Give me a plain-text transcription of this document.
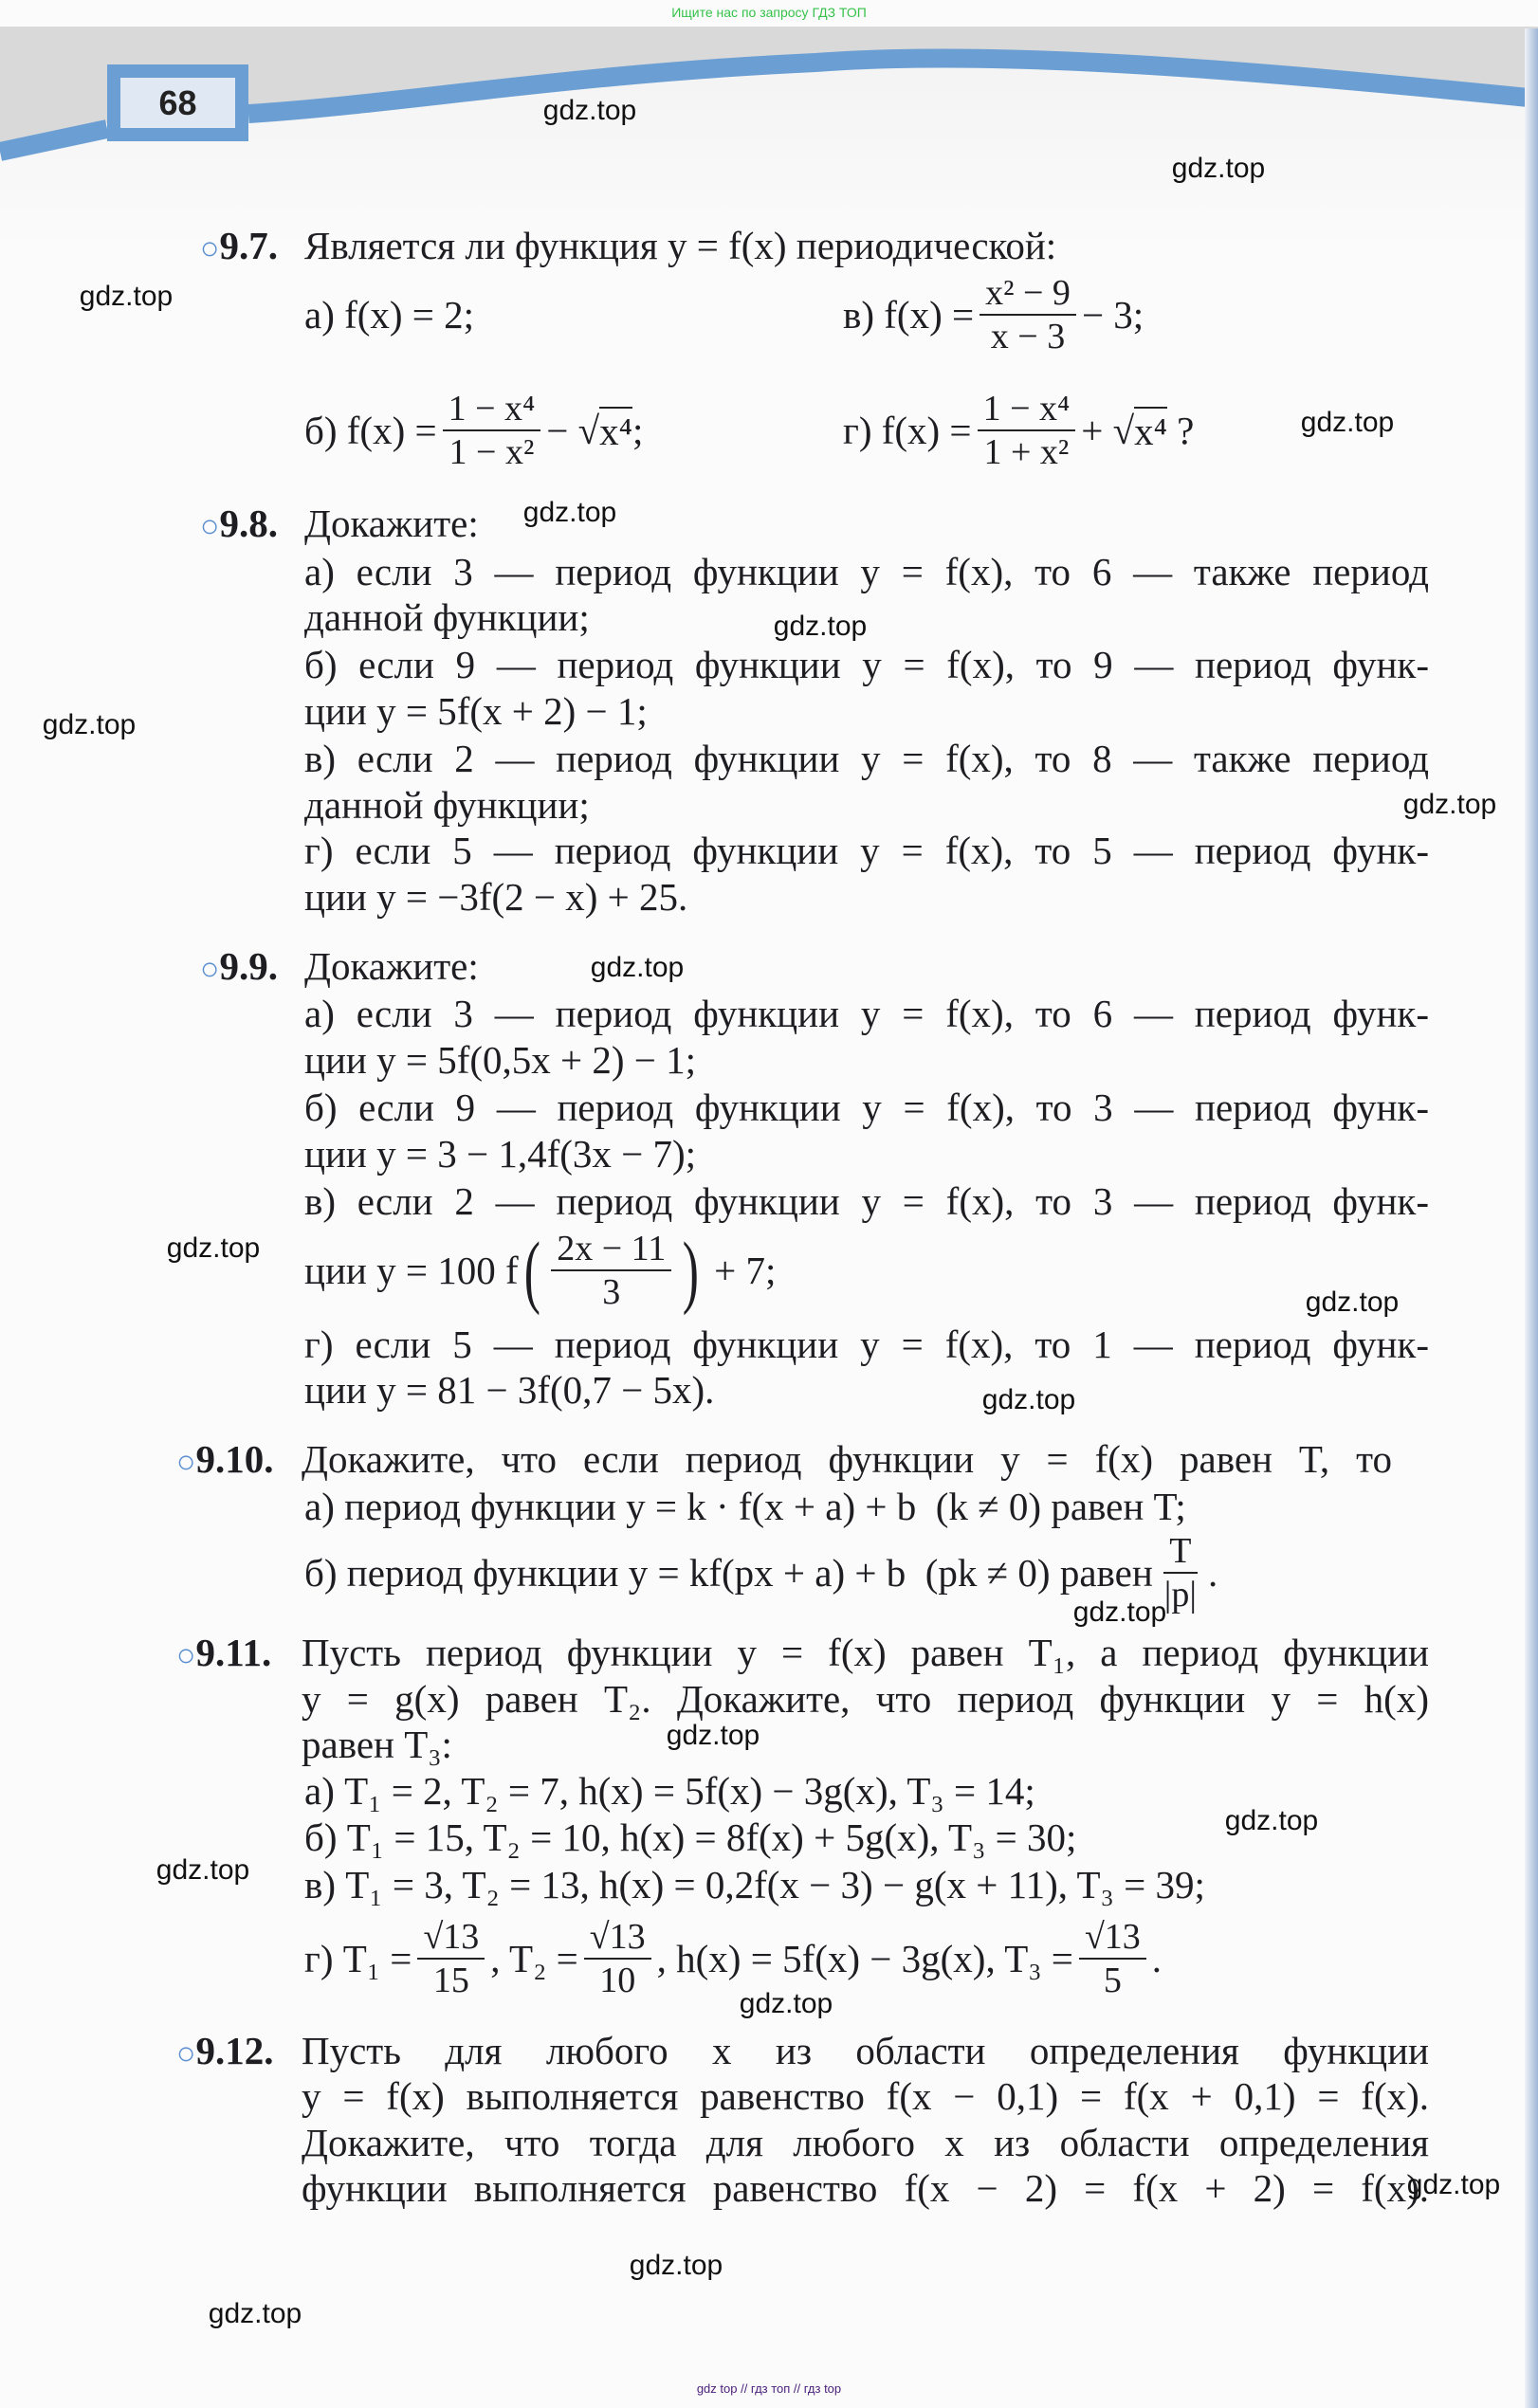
Ищите нас по запросу ГДЗ ТОП
68
○9.7. Является ли функция y = f(x) периодической:
а) f(x) = 2;	в) $f(x) = \frac{\text{x² − 9}}{x - 3} - 3$;
б) $f(x) = \frac{\text{1 − x⁴}}{\text{1 − x²}}$ − √ x⁴ ;	г) $f(x) = \frac{\text{1 − x⁴}}{\text{1 + x²}}$ + √ x⁴ ?
○9.8. Докажите:
а) если 3 — период функции y = f(x), то 6 — также период
данной функции;
б) если 9 — период функции y = f(x), то 9 — период функ-
ции y = 5f(x + 2) − 1;
в) если 2 — период функции y = f(x), то 8 — также период
данной функции;
г) если 5 — период функции y = f(x), то 5 — период функ-
ции y = −3f(2 − x) + 25.
○9.9. Докажите:
а) если 3 — период функции y = f(x), то 6 — период функ-
ции y = 5f(0,5x + 2) − 1;
б) если 9 — период функции y = f(x), то 3 — период функ-
ции y = 3 − 1,4f(3x − 7);
в) если 2 — период функции y = f(x), то 3 — период функ-
ции y = 100 f ( $\frac{2x - 11}{3}$ ) + 7;
г) если 5 — период функции y = f(x), то 1 — период функ-
ции y = 81 − 3f(0,7 − 5x).
○9.10. Докажите, что если период функции y = f(x) равен T, то
а) период функции y = k · f(x + a) + b  (k ≠ 0) равен T;
б) период функции y = kf(px + a) + b  (pk ≠ 0) равен $\frac{T}{|p|}$ .
○9.11. Пусть период функции y = f(x) равен T₁, а период функции
y = g(x) равен T₂. Докажите, что период функции y = h(x)
равен T₃:
а) T₁ = 2, T₂ = 7, h(x) = 5f(x) − 3g(x), T₃ = 14;
б) T₁ = 15, T₂ = 10, h(x) = 8f(x) + 5g(x), T₃ = 30;
в) T₁ = 3, T₂ = 13, h(x) = 0,2f(x − 3) − g(x + 11), T₃ = 39;
г) $T_1 = \frac{√13}{15}$ , $T_2 = \frac{√13}{10}$ , h(x) = 5f(x) − 3g(x), $T_3 = \frac{√13}{5}$ .
○9.12. Пусть для любого x из области определения функции
y = f(x) выполняется равенство f(x − 0,1) = f(x + 0,1) = f(x).
Докажите, что тогда для любого x из области определения
функции выполняется равенство f(x − 2) = f(x + 2) = f(x).
gdz.top
gdz.top
gdz.top
gdz.top
gdz.top
gdz.top
gdz.top
gdz.top
gdz.top
gdz.top
gdz.top
gdz.top
gdz.top
gdz.top
gdz.top
gdz.top
gdz.top
gdz.top
gdz.top
gdz.top
gdz top // гдз топ // гдз top
